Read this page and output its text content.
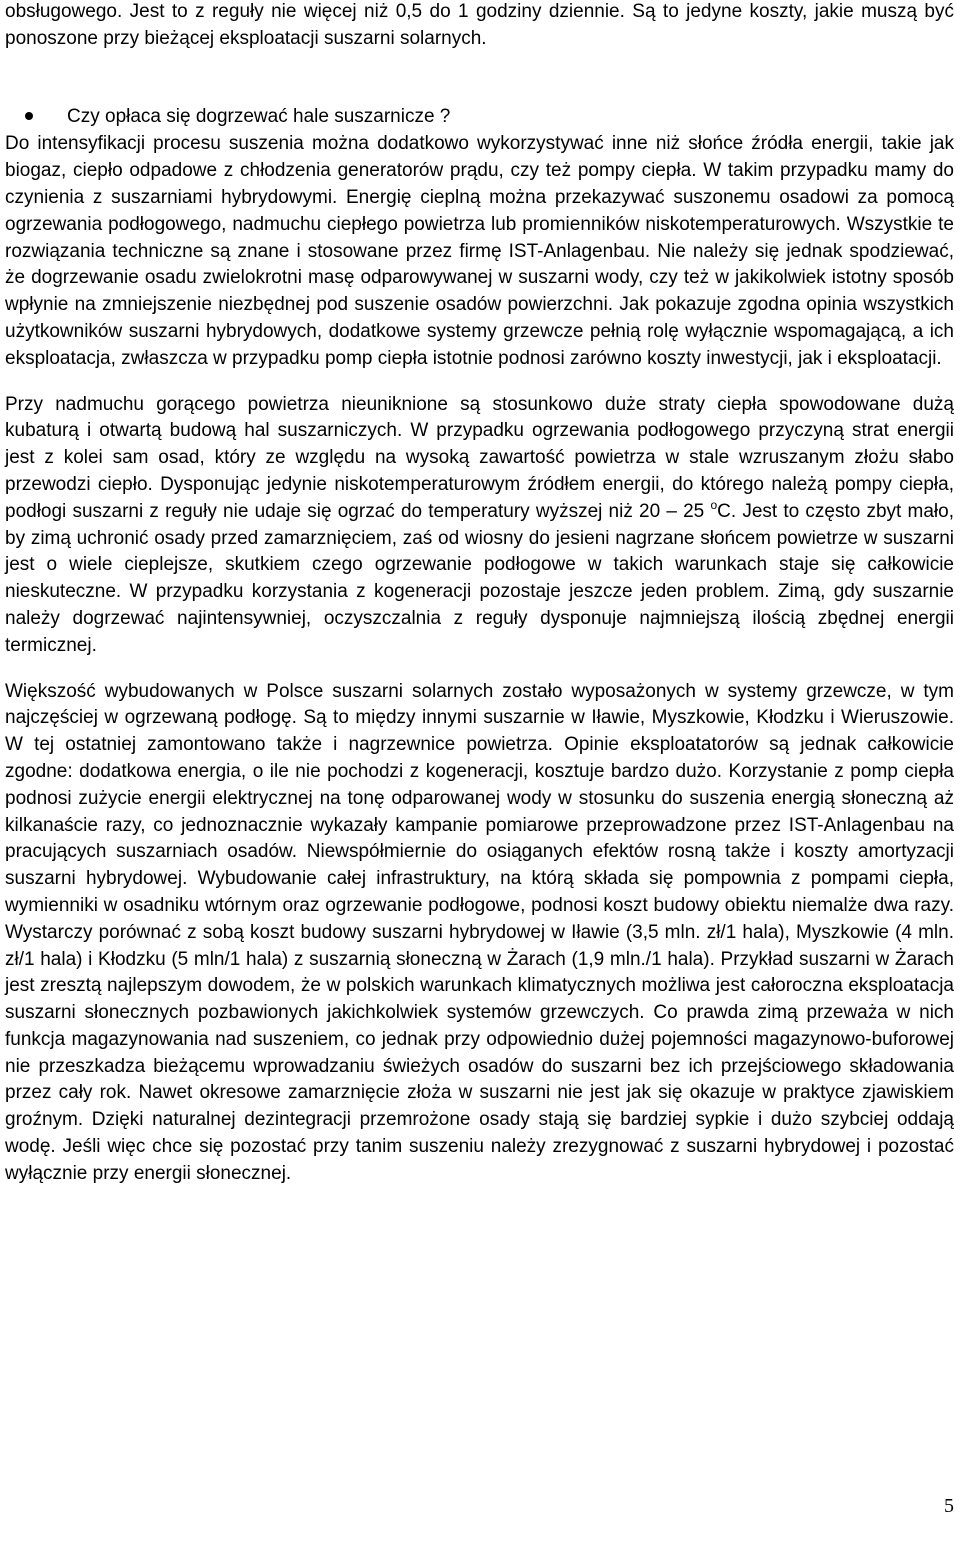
obsługowego. Jest to z reguły nie więcej niż 0,5 do 1 godziny dziennie. Są to jedyne koszty, jakie muszą być ponoszone przy bieżącej eksploatacji suszarni solarnych.

Czy opłaca się dogrzewać hale suszarnicze ?

Do intensyfikacji procesu suszenia można dodatkowo wykorzystywać inne niż słońce źródła energii, takie jak biogaz, ciepło odpadowe z chłodzenia generatorów prądu, czy też pompy ciepła. W takim przypadku mamy do czynienia z suszarniami hybrydowymi. Energię cieplną można przekazywać suszonemu osadowi za pomocą ogrzewania podłogowego, nadmuchu ciepłego powietrza lub promienników niskotemperaturowych. Wszystkie te rozwiązania techniczne są znane i stosowane przez firmę IST-Anlagenbau. Nie należy się jednak spodziewać, że dogrzewanie osadu zwielokrotni masę odparowywanej w suszarni wody, czy też w jakikolwiek istotny sposób wpłynie na zmniejszenie niezbędnej pod suszenie osadów powierzchni. Jak pokazuje zgodna opinia wszystkich użytkowników suszarni hybrydowych, dodatkowe systemy grzewcze pełnią rolę wyłącznie wspomagającą, a ich eksploatacja, zwłaszcza w przypadku pomp ciepła istotnie podnosi zarówno koszty inwestycji, jak i eksploatacji.

Przy nadmuchu gorącego powietrza nieuniknione są stosunkowo duże straty ciepła spowodowane dużą kubaturą i otwartą budową hal suszarniczych. W przypadku ogrzewania podłogowego przyczyną strat energii jest z kolei sam osad, który ze względu na wysoką zawartość powietrza w stale wzruszanym złożu słabo przewodzi ciepło. Dysponując jedynie niskotemperaturowym źródłem energii, do którego należą pompy ciepła, podłogi suszarni z reguły nie udaje się ogrzać do temperatury wyższej niż 20 – 25 $^o$C. Jest to często zbyt mało, by zimą uchronić osady przed zamarznięciem, zaś od wiosny do jesieni nagrzane słońcem powietrze w suszarni jest o wiele cieplejsze, skutkiem czego ogrzewanie podłogowe w takich warunkach staje się całkowicie nieskuteczne. W przypadku korzystania z kogeneracji pozostaje jeszcze jeden problem. Zimą, gdy suszarnie należy dogrzewać najintensywniej, oczyszczalnia z reguły dysponuje najmniejszą ilością zbędnej energii termicznej.

Większość wybudowanych w Polsce suszarni solarnych zostało wyposażonych w systemy grzewcze, w tym najczęściej w ogrzewaną podłogę. Są to między innymi suszarnie w Iławie, Myszkowie, Kłodzku i Wieruszowie. W tej ostatniej zamontowano także i nagrzewnice powietrza. Opinie eksploatatorów są jednak całkowicie zgodne: dodatkowa energia, o ile nie pochodzi z kogeneracji, kosztuje bardzo dużo. Korzystanie z pomp ciepła podnosi zużycie energii elektrycznej na tonę odparowanej wody w stosunku do suszenia energią słoneczną aż kilkanaście razy, co jednoznacznie wykazały kampanie pomiarowe przeprowadzone przez IST-Anlagenbau na pracujących suszarniach osadów. Niewspółmiernie do osiąganych efektów rosną także i koszty amortyzacji suszarni hybrydowej. Wybudowanie całej infrastruktury, na którą składa się pompownia z pompami ciepła, wymienniki w osadniku wtórnym oraz ogrzewanie podłogowe, podnosi koszt budowy obiektu niemalże dwa razy. Wystarczy porównać z sobą koszt budowy suszarni hybrydowej w Iławie (3,5 mln. zł/1 hala), Myszkowie (4 mln. zł/1 hala) i Kłodzku (5 mln/1 hala) z suszarnią słoneczną w Żarach (1,9 mln./1 hala). Przykład suszarni w Żarach jest zresztą najlepszym dowodem, że w polskich warunkach klimatycznych możliwa jest całoroczna eksploatacja suszarni słonecznych pozbawionych jakichkolwiek systemów grzewczych. Co prawda zimą przeważa w nich funkcja magazynowania nad suszeniem, co jednak przy odpowiednio dużej pojemności magazynowo-buforowej nie przeszkadza bieżącemu wprowadzaniu świeżych osadów do suszarni bez ich przejściowego składowania przez cały rok. Nawet okresowe zamarznięcie złoża w suszarni nie jest jak się okazuje w praktyce zjawiskiem groźnym. Dzięki naturalnej dezintegracji przemrożone osady stają się bardziej sypkie i dużo szybciej oddają wodę. Jeśli więc chce się pozostać przy tanim suszeniu należy zrezygnować z suszarni hybrydowej i pozostać wyłącznie przy energii słonecznej.

5
